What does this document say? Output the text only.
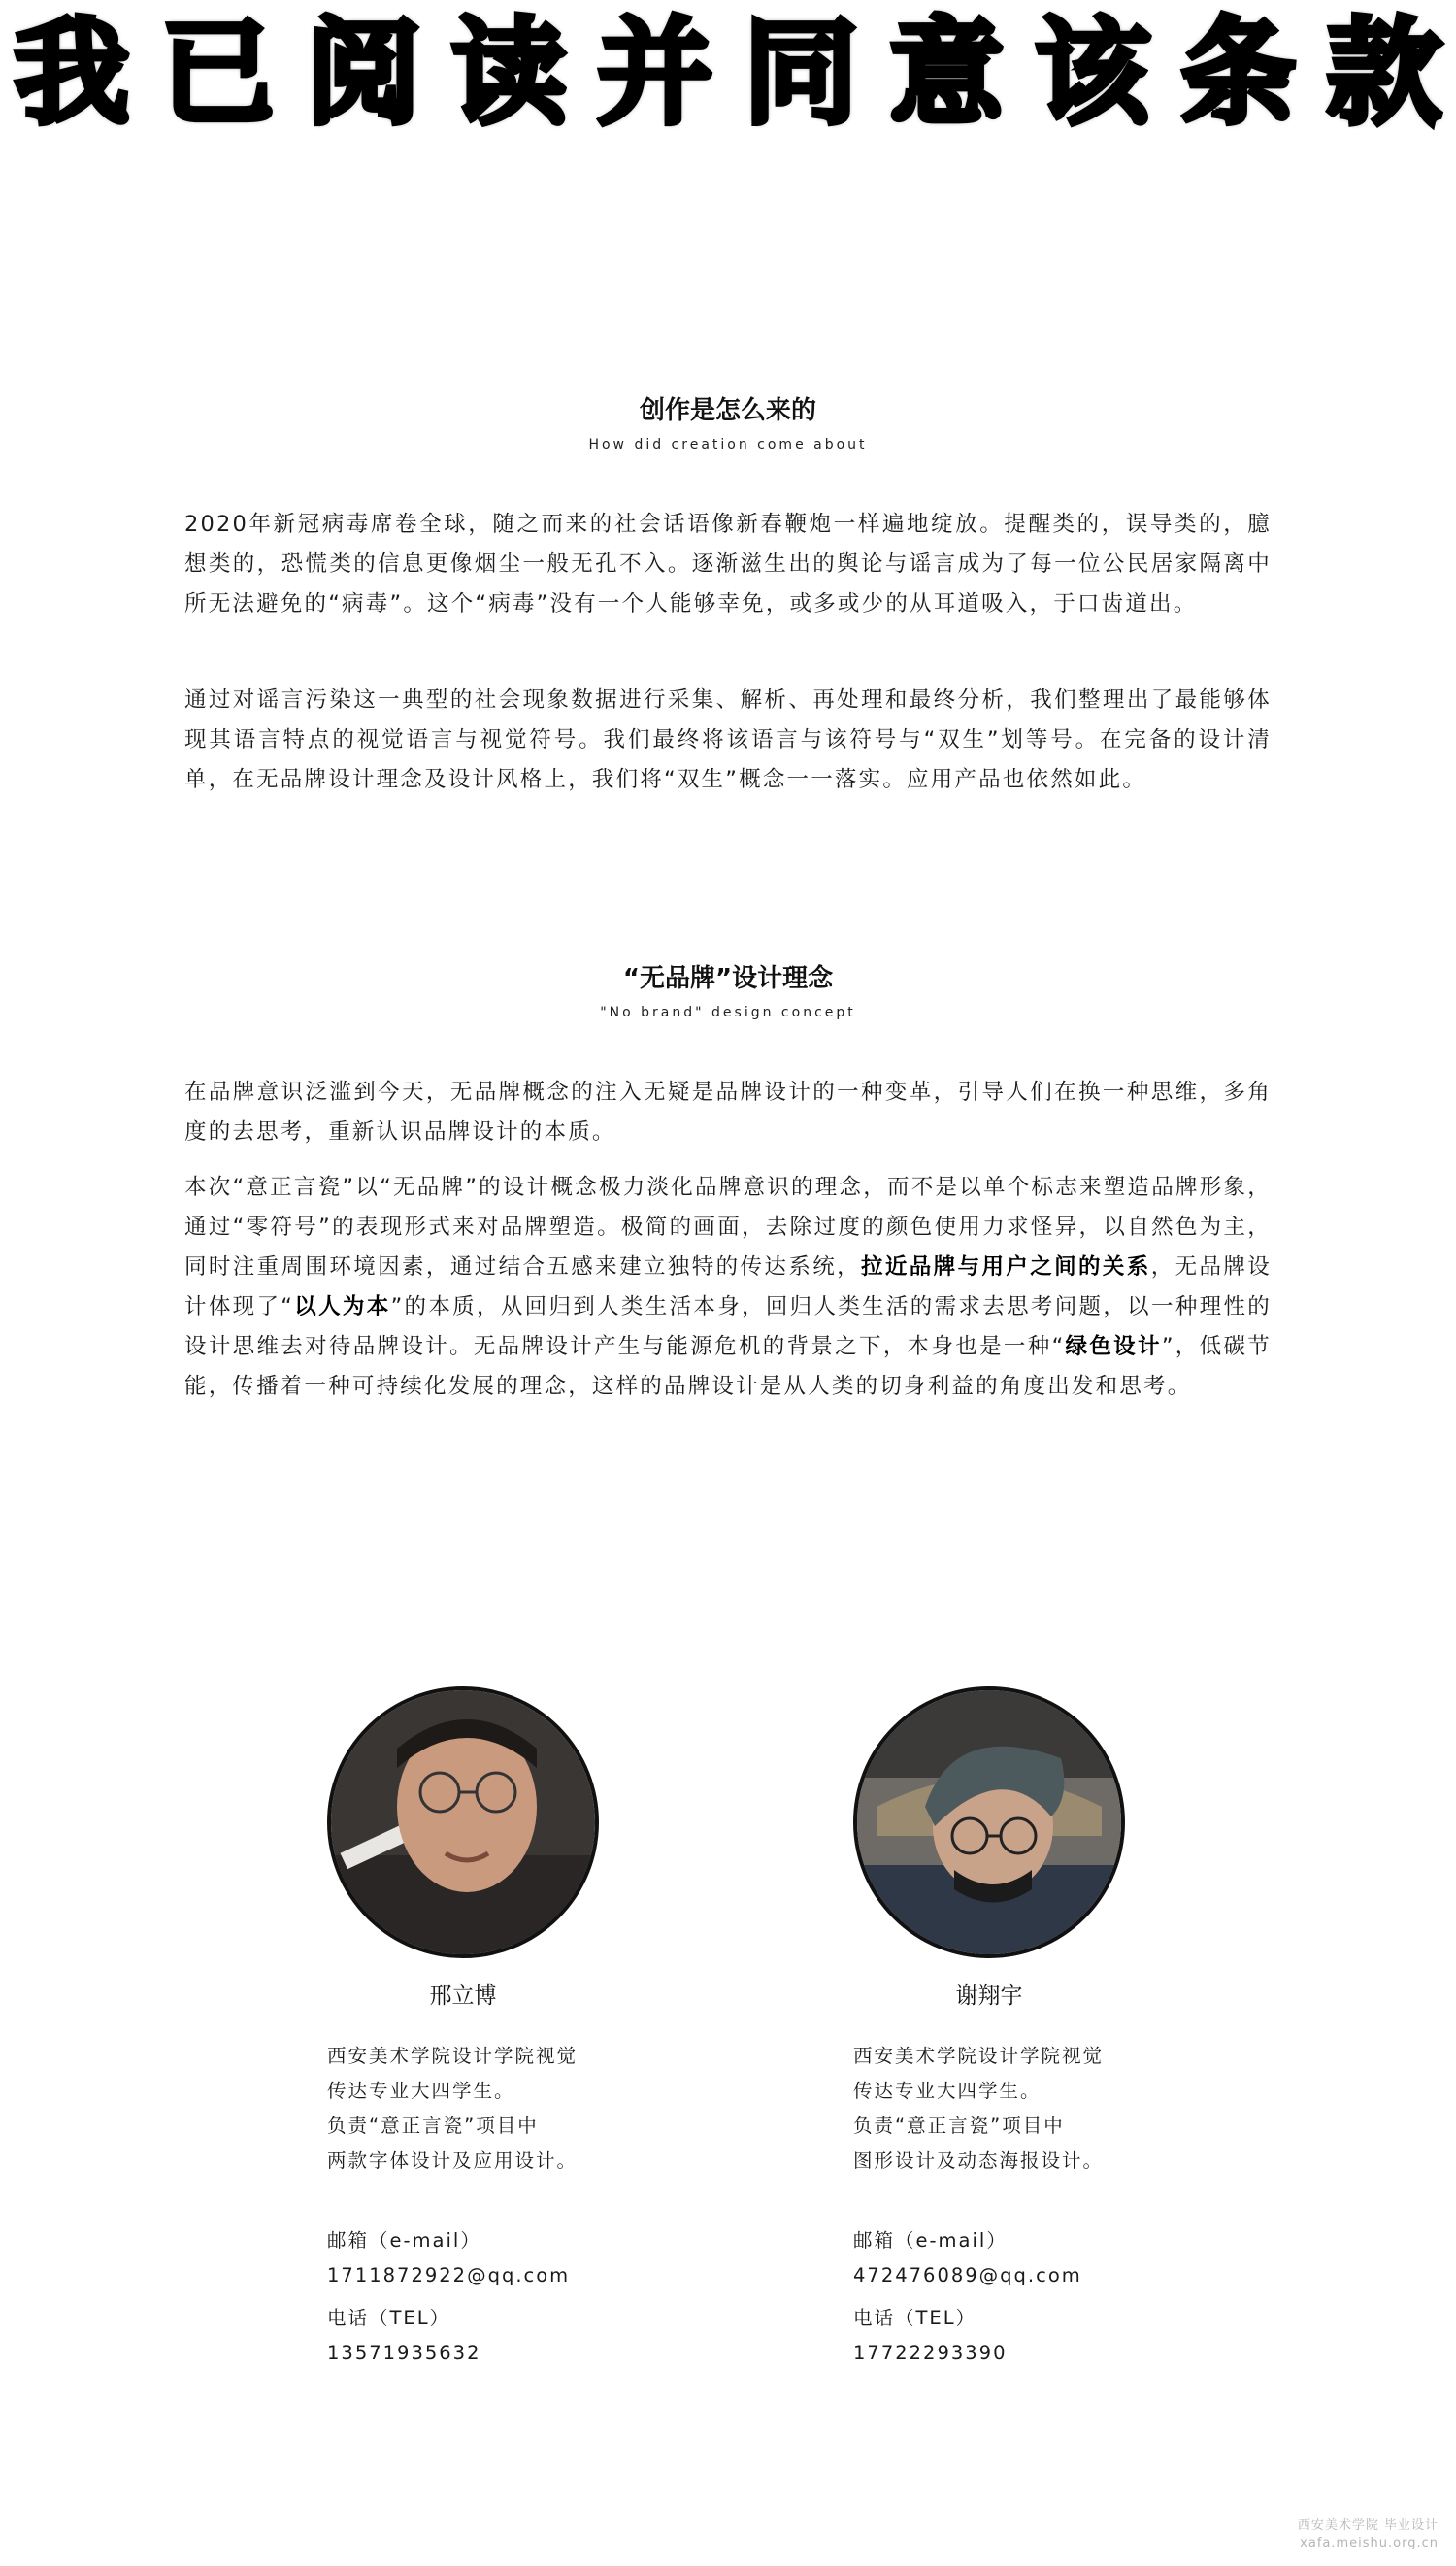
我 已 阅 读 并 同 意 该 条 款
创作是怎么来的
How did creation come about

2020年新冠病毒席卷全球，随之而来的社会话语像新春鞭炮一样遍地绽放。提醒类的，误导类的，臆想类的，恐慌类的信息更像烟尘一般无孔不入。逐渐滋生出的舆论与谣言成为了每一位公民居家隔离中所无法避免的“病毒”。这个“病毒”没有一个人能够幸免，或多或少的从耳道吸入，于口齿道出。

通过对谣言污染这一典型的社会现象数据进行采集、解析、再处理和最终分析，我们整理出了最能够体现其语言特点的视觉语言与视觉符号。我们最终将该语言与该符号与“双生”划等号。在完备的设计清单，在无品牌设计理念及设计风格上，我们将“双生”概念一一落实。应用产品也依然如此。

“无品牌”设计理念
"No brand" design concept

在品牌意识泛滥到今天，无品牌概念的注入无疑是品牌设计的一种变革，引导人们在换一种思维，多角度的去思考，重新认识品牌设计的本质。

本次“意正言瓷”以“无品牌”的设计概念极力淡化品牌意识的理念，而不是以单个标志来塑造品牌形象，通过“零符号”的表现形式来对品牌塑造。极简的画面，去除过度的颜色使用力求怪异，以自然色为主，同时注重周围环境因素，通过结合五感来建立独特的传达系统，拉近品牌与用户之间的关系，无品牌设计体现了“以人为本”的本质，从回归到人类生活本身，回归人类生活的需求去思考问题，以一种理性的设计思维去对待品牌设计。无品牌设计产生与能源危机的背景之下，本身也是一种“绿色设计”，低碳节能，传播着一种可持续化发展的理念，这样的品牌设计是从人类的切身利益的角度出发和思考。

邢立博
西安美术学院设计学院视觉
传达专业大四学生。
负责“意正言瓷”项目中
两款字体设计及应用设计。
邮箱（e-mail）
1711872922@qq.com
电话（TEL）
13571935632
谢翔宇
西安美术学院设计学院视觉
传达专业大四学生。
负责“意正言瓷”项目中
图形设计及动态海报设计。
邮箱（e-mail）
472476089@qq.com
电话（TEL）
17722293390
西安美术学院 毕业设计
xafa.meishu.org.cn
